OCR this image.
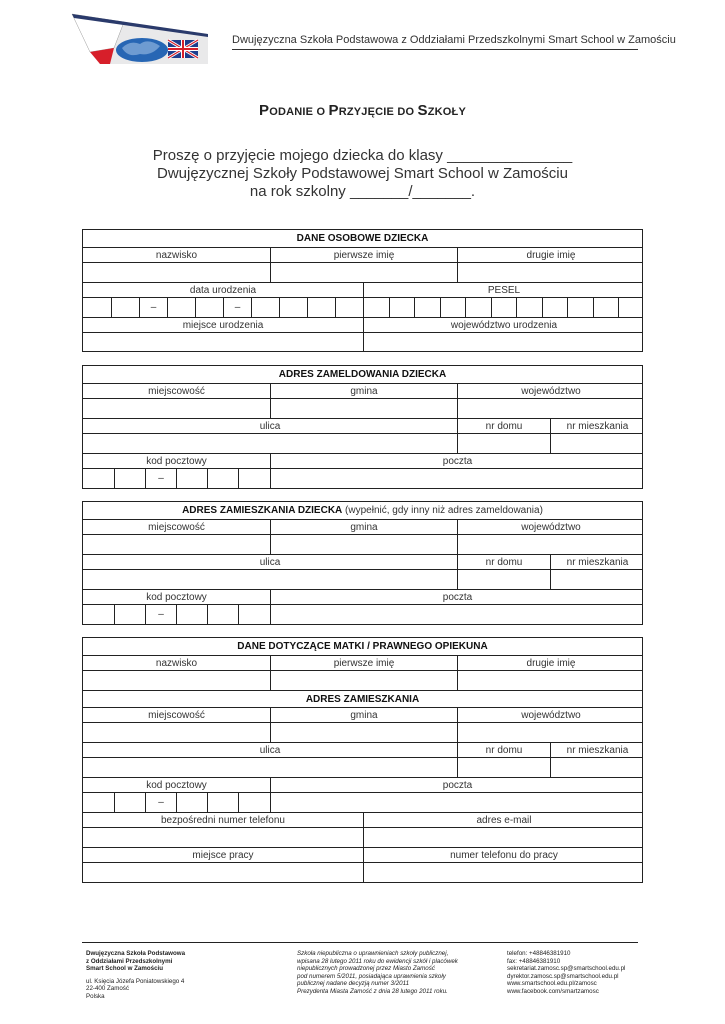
Dwujęzyczna Szkoła Podstawowa z Oddziałami Przedszkolnymi Smart School w Zamościu
PODANIE O PRZYJĘCIE DO SZKOŁY
Proszę o przyjęcie mojego dziecka do klasy _______________
Dwujęzycznej Szkoły Podstawowej Smart School w Zamościu
na rok szkolny _______/_______.
DANE OSOBOWE DZIECKA
nazwisko	pierwsze imię	drugie imię
data urodzenia	PESEL
–	–
miejsce urodzenia	województwo urodzenia
ADRES ZAMELDOWANIA DZIECKA
miejscowość	gmina	województwo
ulica	nr domu	nr mieszkania
kod pocztowy	poczta
–
ADRES ZAMIESZKANIA DZIECKA (wypełnić, gdy inny niż adres zameldowania)
miejscowość	gmina	województwo
ulica	nr domu	nr mieszkania
kod pocztowy	poczta
–
DANE DOTYCZĄCE MATKI / PRAWNEGO OPIEKUNA
nazwisko	pierwsze imię	drugie imię
ADRES ZAMIESZKANIA
miejscowość	gmina	województwo
ulica	nr domu	nr mieszkania
kod pocztowy	poczta
–
bezpośredni numer telefonu	adres e-mail
miejsce pracy	numer telefonu do pracy
Dwujęzyczna Szkoła Podstawowa
z Oddziałami Przedszkolnymi
Smart School w Zamościu
ul. Księcia Józefa Poniatowskiego 4
22-400 Zamość
Polska
Szkoła niepubliczna o uprawnieniach szkoły publicznej,
wpisana 28 lutego 2011 roku do ewidencji szkół i placówek
niepublicznych prowadzonej przez Miasto Zamość
pod numerem 5/2011, posiadająca uprawnienia szkoły
publicznej nadane decyzją numer 3/2011
Prezydenta Miasta Zamość z dnia 28 lutego 2011 roku.
telefon: +48846381910
fax: +48846381910
sekretariat.zamosc.sp@smartschool.edu.pl
dyrektor.zamosc.sp@smartschool.edu.pl
www.smartschool.edu.pl/zamosc
www.facebook.com/smartzamosc
